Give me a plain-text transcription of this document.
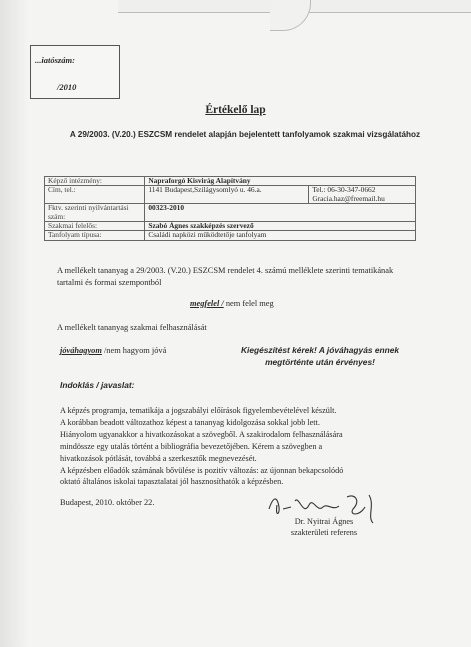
...iatószám:
/2010
Értékelő lap
A 29/2003. (V.20.) ESZCSM rendelet alapján bejelentett tanfolyamok szakmai vizsgálatához
Képző intézmény:	Napraforgó Kisvirág Alapítvány	
Cím, tel.:	1141 Budapest,Szilágysomlyó u. 46.a.	Tel.: 06-30-347-0662 Gracia.haz@freemail.hu
Fktv. szerinti nyilvántartási szám:	00323-2010	
Szakmai felelős:	Szabó Ágnes szakképzés szervező	
Tanfolyam típusa:	Családi napközi működtetője tanfolyam	
A mellékelt tananyag a 29/2003. (V.20.) ESZCSM rendelet 4. számú melléklete szerinti tematikának tartalmi és formai szempontból
megfelel / nem felel meg
A mellékelt tananyag szakmai felhasználását
jóváhagyom /nem hagyom jóvá	Kiegészítést kérek! A jóváhagyás ennek megtörténte után érvényes!
Indoklás / javaslat:
A képzés programja, tematikája a jogszabályi előírások figyelembevételével készült.
A korábban beadott változathoz képest a tananyag kidolgozása sokkal jobb lett.
Hiányolom ugyanakkor a hivatkozásokat a szövegből. A szakirodalom felhasználására
mindössze egy utalás történt a bibliográfia bevezetőjében. Kérem a szövegben a
hivatkozások pótlását, továbbá a szerkesztők megnevezését.
A képzésben előadók számának bővülése is pozitív változás: az újonnan bekapcsolódó
oktató általános iskolai tapasztalatai jól hasznosíthatók a képzésben.
Budapest, 2010. október 22.
Dr. Nyitrai Ágnes
szakterületi referens
